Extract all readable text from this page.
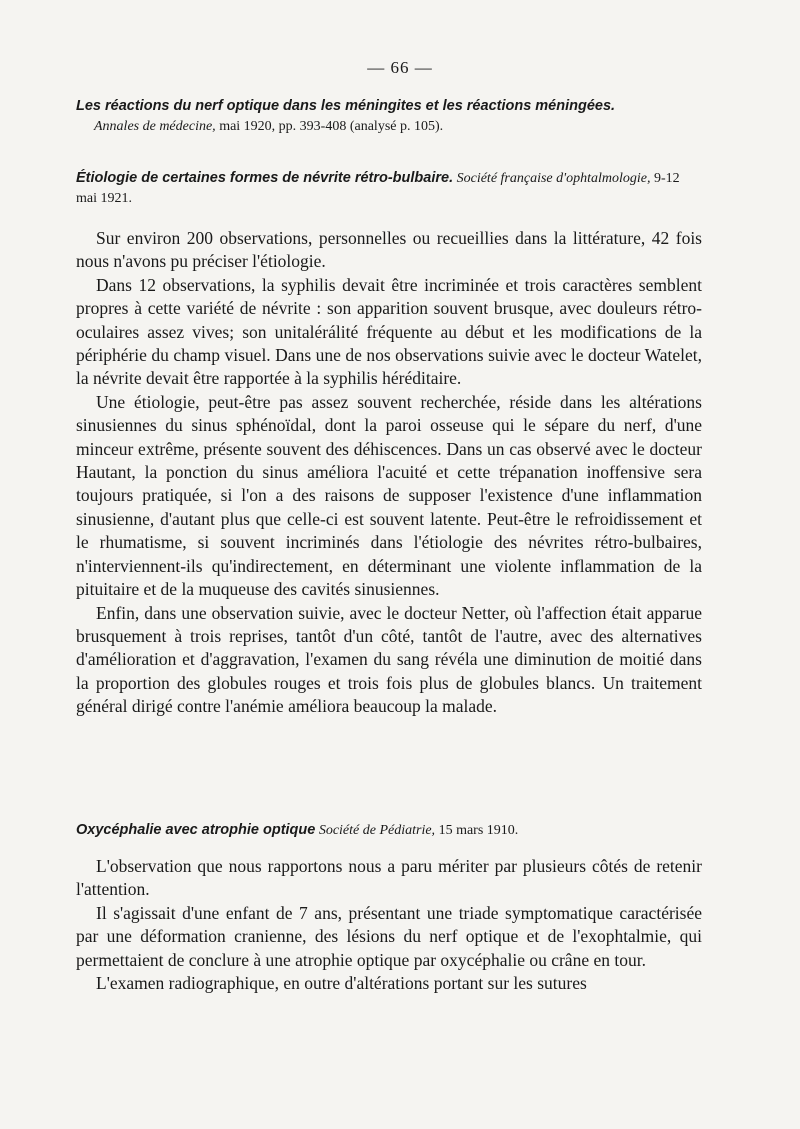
— 66 —
Les réactions du nerf optique dans les méningites et les réactions méningées.
Annales de médecine, mai 1920, pp. 393-408 (analysé p. 105).
Étiologie de certaines formes de névrite rétro-bulbaire. Société française d'ophtalmologie, 9-12 mai 1921.

Sur environ 200 observations, personnelles ou recueillies dans la littérature, 42 fois nous n'avons pu préciser l'étiologie.

Dans 12 observations, la syphilis devait être incriminée et trois caractères semblent propres à cette variété de névrite : son apparition souvent brusque, avec douleurs rétro-oculaires assez vives; son unitalérálité fréquente au début et les modifications de la périphérie du champ visuel. Dans une de nos observations suivie avec le docteur Watelet, la névrite devait être rapportée à la syphilis héréditaire.

Une étiologie, peut-être pas assez souvent recherchée, réside dans les altérations sinusiennes du sinus sphénoïdal, dont la paroi osseuse qui le sépare du nerf, d'une minceur extrême, présente souvent des déhiscences. Dans un cas observé avec le docteur Hautant, la ponction du sinus améliora l'acuité et cette trépanation inoffensive sera toujours pratiquée, si l'on a des raisons de supposer l'existence d'une inflammation sinusienne, d'autant plus que celle-ci est souvent latente. Peut-être le refroidissement et le rhumatisme, si souvent incriminés dans l'étiologie des névrites rétro-bulbaires, n'interviennent-ils qu'indirectement, en déterminant une violente inflammation de la pituitaire et de la muqueuse des cavités sinusiennes.

Enfin, dans une observation suivie, avec le docteur Netter, où l'affection était apparue brusquement à trois reprises, tantôt d'un côté, tantôt de l'autre, avec des alternatives d'amélioration et d'aggravation, l'examen du sang révéla une diminution de moitié dans la proportion des globules rouges et trois fois plus de globules blancs. Un traitement général dirigé contre l'anémie améliora beaucoup la malade.

Oxycéphalie avec atrophie optique Société de Pédiatrie, 15 mars 1910.

L'observation que nous rapportons nous a paru mériter par plusieurs côtés de retenir l'attention.

Il s'agissait d'une enfant de 7 ans, présentant une triade symptomatique caractérisée par une déformation cranienne, des lésions du nerf optique et de l'exophtalmie, qui permettaient de conclure à une atrophie optique par oxycéphalie ou crâne en tour.

L'examen radiographique, en outre d'altérations portant sur les sutures
